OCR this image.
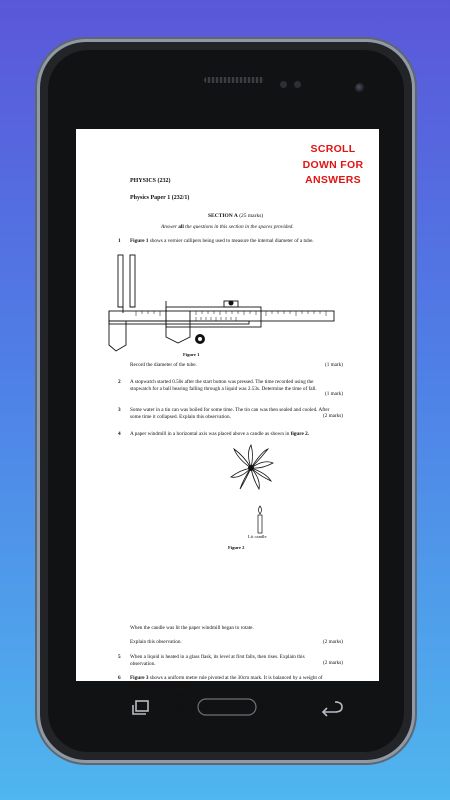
SCROLL DOWN FOR ANSWERS
PHYSICS (232)
Physics Paper 1 (232/1)
SECTION A (25 marks)
Answer all the questions in this section in the spaces provided.
1 Figure 1 shows a vernier callipers being used to measure the internal diameter of a tube.
Figure 1
Record the diameter of the tube.	(1 mark)
2 A stopwatch started 0.50s after the start button was pressed. The time recorded using the stopwatch for a ball bearing falling through a liquid was 2.53s. Determine the time of fall.
(1 mark)
3 Some water in a tin can was boiled for some time. The tin can was then sealed and cooled. After some time it collapsed. Explain this observation.	(2 marks)
4 A paper windmill in a horizontal axis was placed above a candle as shown in figure 2.
Lit candle
Figure 2
When the candle was lit the paper windmill began to rotate.
Explain this observation.	(2 marks)
5 When a liquid is heated in a glass flask, its level at first falls, then rises. Explain this observation.	(2 marks)
6 Figure 3 shows a uniform metre rule pivoted at the 30cm mark. It is balanced by a weight of 2N suspended at the 5cm mark.
5cm	30cm
2N
